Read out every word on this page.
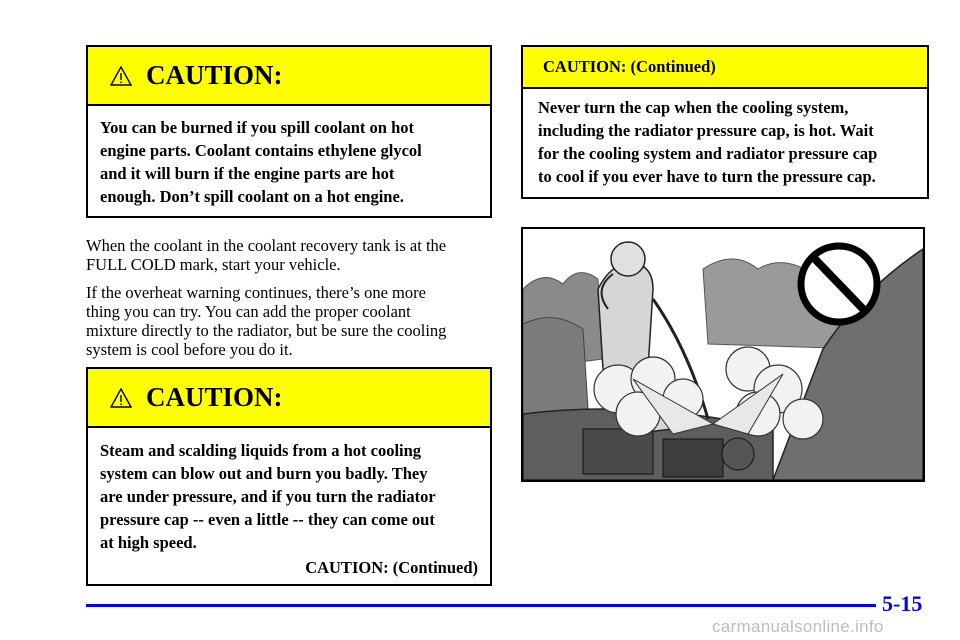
CAUTION:
You can be burned if you spill coolant on hot
engine parts. Coolant contains ethylene glycol
and it will burn if the engine parts are hot
enough. Don’t spill coolant on a hot engine.

When the coolant in the coolant recovery tank is at the
FULL COLD mark, start your vehicle.

If the overheat warning continues, there’s one more
thing you can try. You can add the proper coolant
mixture directly to the radiator, but be sure the cooling
system is cool before you do it.

CAUTION:
Steam and scalding liquids from a hot cooling
system can blow out and burn you badly. They
are under pressure, and if you turn the radiator
pressure cap -- even a little -- they can come out
at high speed.
CAUTION: (Continued)
CAUTION: (Continued)
Never turn the cap when the cooling system,
including the radiator pressure cap, is hot. Wait
for the cooling system and radiator pressure cap
to cool if you ever have to turn the pressure cap.
5-15
carmanualsonline.info
